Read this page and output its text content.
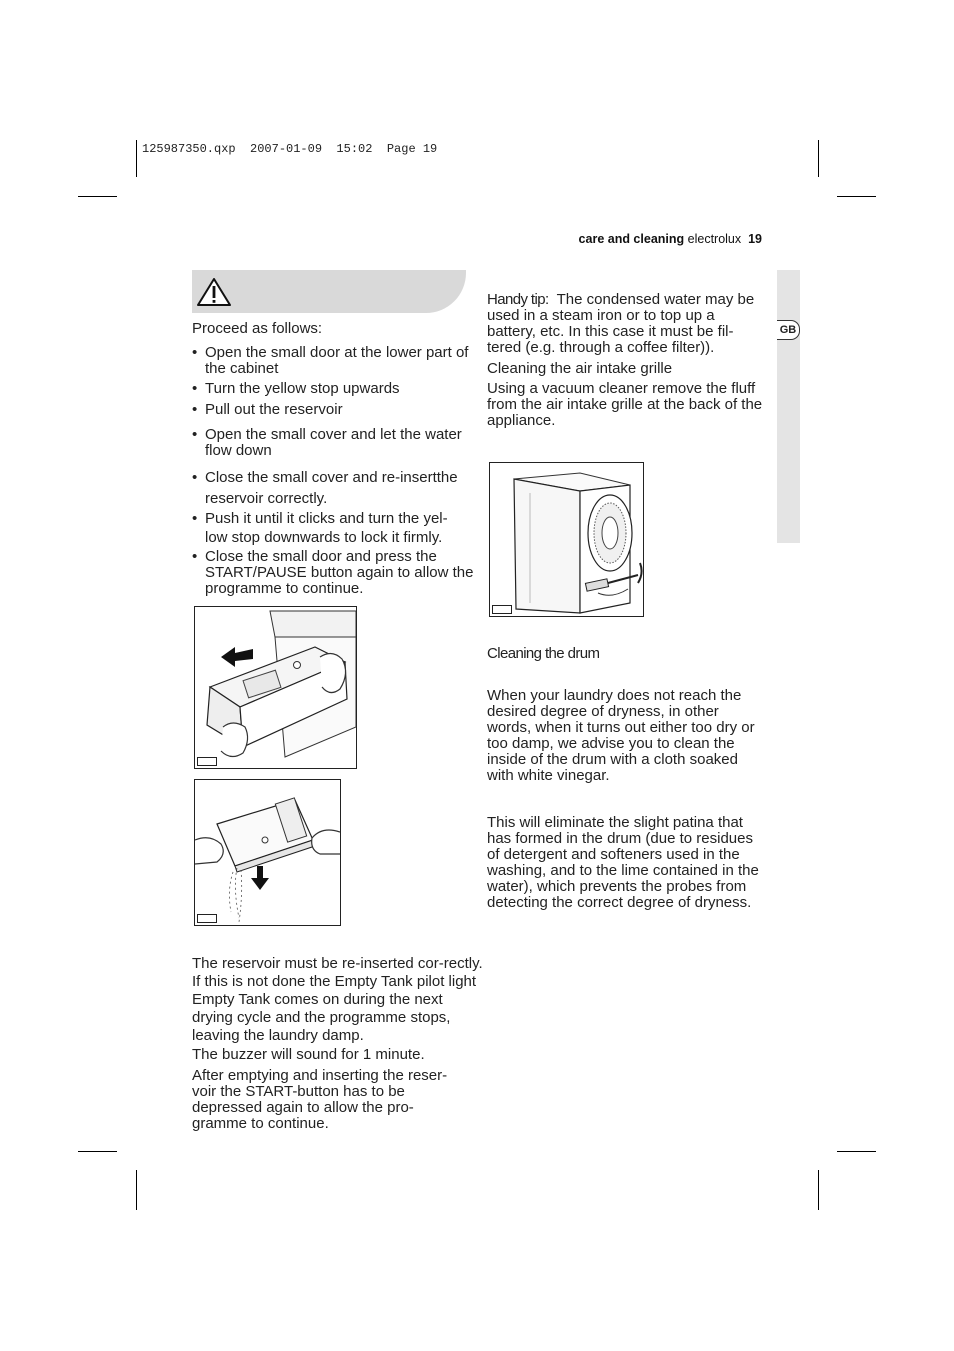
125987350.qxp  2007-01-09  15:02  Page 19
care and cleaning electrolux 19
GB

Proceed as follows:

• Open the small door at the lower part of the cabinet
• Turn the yellow stop upwards
• Pull out the reservoir
• Open the small cover and let the water flow down
• Close the small cover and re-insertthe reservoir correctly.
• Push it until it clicks and turn the yel-low stop downwards to lock it firmly.
• Close the small door and press the START/PAUSE button again to allow the programme to continue.

The reservoir must be re-inserted cor-rectly. If this is not done the Empty Tank pilot light Empty Tank comes on during the next drying cycle and the programme stops, leaving the laundry damp.

The buzzer will sound for 1 minute.

After emptying and inserting the reser-voir the START-button has to be depressed again to allow the pro-gramme to continue.

Handy tip: The condensed water may be used in a steam iron or to top up a battery, etc. In this case it must be fil-tered (e.g. through a coffee filter)).

Cleaning the air intake grille

Using a vacuum cleaner remove the fluff from the air intake grille at the back of the appliance.

Cleaning the drum

When your laundry does not reach the desired degree of dryness, in other words, when it turns out either too dry or too damp, we advise you to clean the inside of the drum with a cloth soaked with white vinegar.

This will eliminate the slight patina that has formed in the drum (due to residues of detergent and softeners used in the washing, and to the lime contained in the water), which prevents the probes from detecting the correct degree of dryness.
